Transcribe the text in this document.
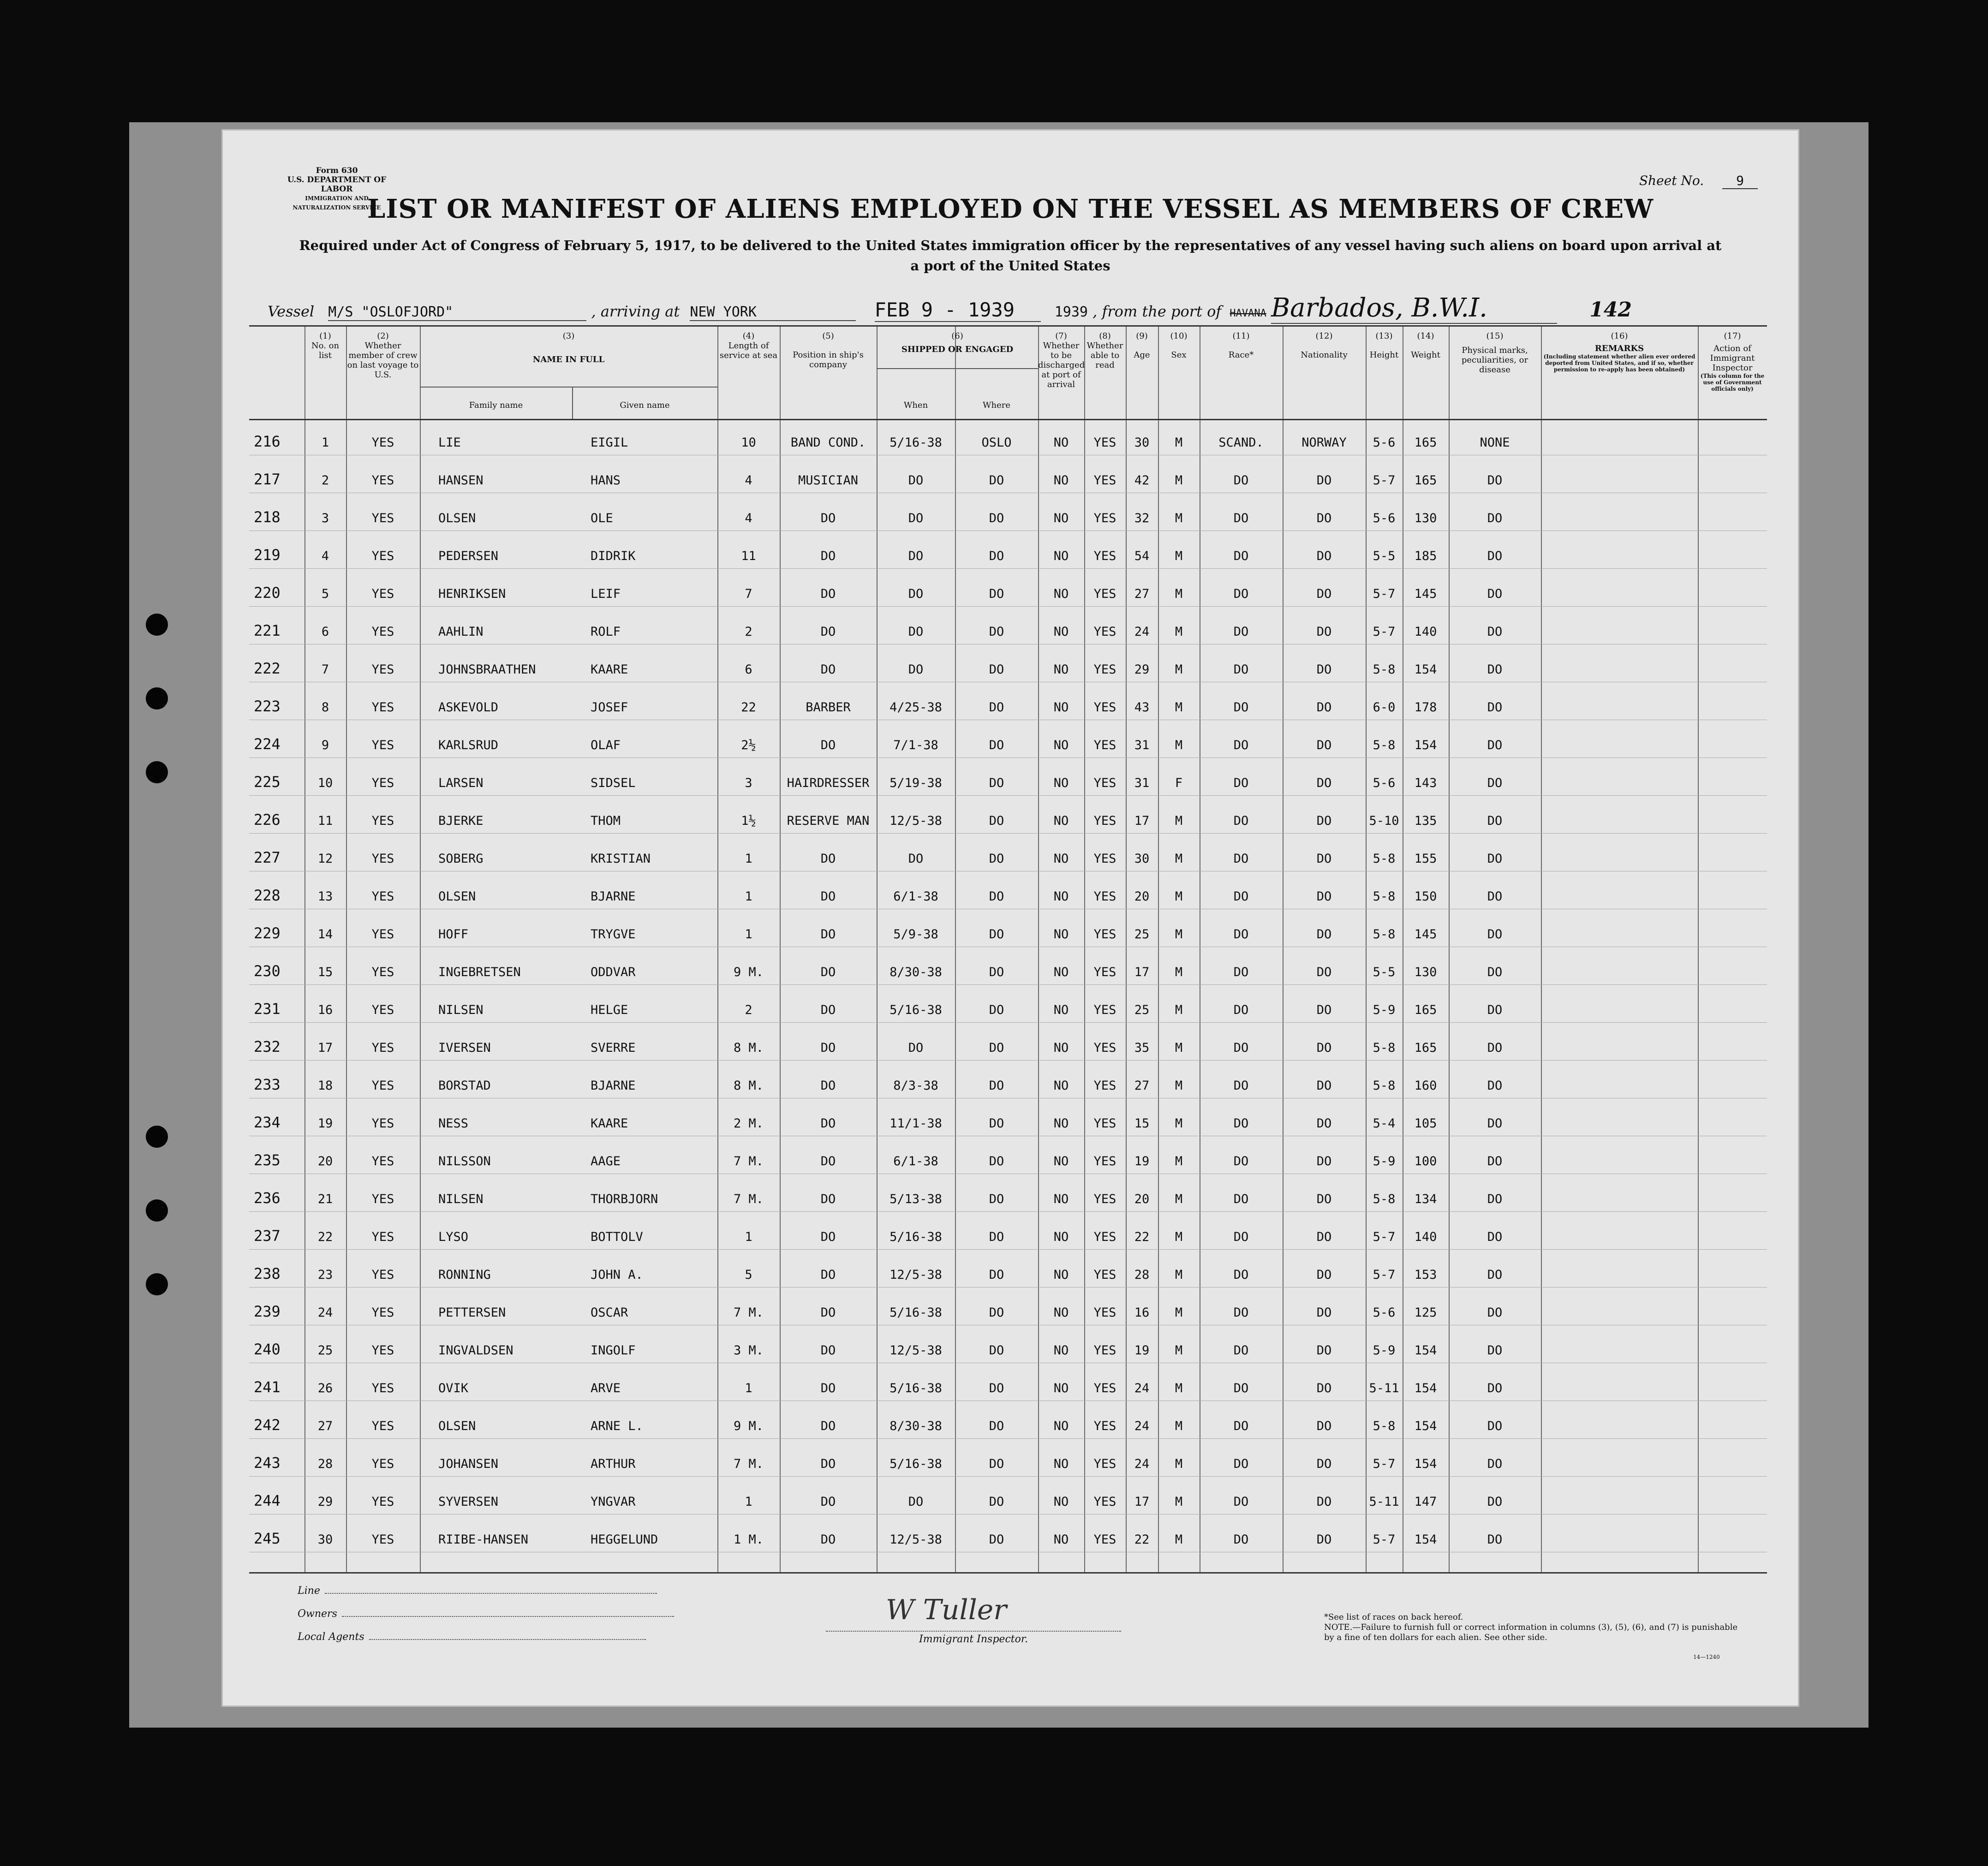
Form 630
U.S. DEPARTMENT OF LABOR
IMMIGRATION AND NATURALIZATION SERVICE
Sheet No.	9
LIST OR MANIFEST OF ALIENS EMPLOYED ON THE VESSEL AS MEMBERS OF CREW
Required under Act of Congress of February 5, 1917, to be delivered to the United States immigration officer by the representatives of any vessel having such aliens on board upon arrival at a port of the United States
Vessel M/S "OSLOFJORD"	, arriving at NEW YORK	FEB 9 - 1939	1939 , from the port of HAVANA Barbados, B.W.I.	142
(1)
No. on list
(2)
Whether member of crew on last voyage to U.S.
(3)
NAME IN FULL
Family name	Given name
(4)
Length of service at sea
(5)
Position in ship's company
(6)
SHIPPED OR ENGAGED
When	Where
(7)
Whether to be discharged at port of arrival
(8)
Whether able to read
(9)
Age
(10)
Sex
(11)
Race*
(12)
Nationality
(13)
Height
(14)
Weight
(15)
Physical marks, peculiarities, or disease
(16)
REMARKS
(Including statement whether alien ever ordered deported from United States, and if so, whether permission to re-apply has been obtained)
(17)
Action of Immigrant Inspector
(This column for the use of Government officials only)
216	1	YES	LIE	EIGIL	10	BAND COND.	5/16-38	OSLO	NO	YES	30	M	SCAND.	NORWAY	5-6	165	NONE
217	2	YES	HANSEN	HANS	4	MUSICIAN	DO	DO	NO	YES	42	M	DO	DO	5-7	165	DO
218	3	YES	OLSEN	OLE	4	DO	DO	DO	NO	YES	32	M	DO	DO	5-6	130	DO
219	4	YES	PEDERSEN	DIDRIK	11	DO	DO	DO	NO	YES	54	M	DO	DO	5-5	185	DO
220	5	YES	HENRIKSEN	LEIF	7	DO	DO	DO	NO	YES	27	M	DO	DO	5-7	145	DO
221	6	YES	AAHLIN	ROLF	2	DO	DO	DO	NO	YES	24	M	DO	DO	5-7	140	DO
222	7	YES	JOHNSBRAATHEN	KAARE	6	DO	DO	DO	NO	YES	29	M	DO	DO	5-8	154	DO
223	8	YES	ASKEVOLD	JOSEF	22	BARBER	4/25-38	DO	NO	YES	43	M	DO	DO	6-0	178	DO
224	9	YES	KARLSRUD	OLAF	2½	DO	7/1-38	DO	NO	YES	31	M	DO	DO	5-8	154	DO
225	10	YES	LARSEN	SIDSEL	3	HAIRDRESSER	5/19-38	DO	NO	YES	31	F	DO	DO	5-6	143	DO
226	11	YES	BJERKE	THOM	1½	RESERVE MAN	12/5-38	DO	NO	YES	17	M	DO	DO	5-10	135	DO
227	12	YES	SOBERG	KRISTIAN	1	DO	DO	DO	NO	YES	30	M	DO	DO	5-8	155	DO
228	13	YES	OLSEN	BJARNE	1	DO	6/1-38	DO	NO	YES	20	M	DO	DO	5-8	150	DO
229	14	YES	HOFF	TRYGVE	1	DO	5/9-38	DO	NO	YES	25	M	DO	DO	5-8	145	DO
230	15	YES	INGEBRETSEN	ODDVAR	9 M.	DO	8/30-38	DO	NO	YES	17	M	DO	DO	5-5	130	DO
231	16	YES	NILSEN	HELGE	2	DO	5/16-38	DO	NO	YES	25	M	DO	DO	5-9	165	DO
232	17	YES	IVERSEN	SVERRE	8 M.	DO	DO	DO	NO	YES	35	M	DO	DO	5-8	165	DO
233	18	YES	BORSTAD	BJARNE	8 M.	DO	8/3-38	DO	NO	YES	27	M	DO	DO	5-8	160	DO
234	19	YES	NESS	KAARE	2 M.	DO	11/1-38	DO	NO	YES	15	M	DO	DO	5-4	105	DO
235	20	YES	NILSSON	AAGE	7 M.	DO	6/1-38	DO	NO	YES	19	M	DO	DO	5-9	100	DO
236	21	YES	NILSEN	THORBJORN	7 M.	DO	5/13-38	DO	NO	YES	20	M	DO	DO	5-8	134	DO
237	22	YES	LYSO	BOTTOLV	1	DO	5/16-38	DO	NO	YES	22	M	DO	DO	5-7	140	DO
238	23	YES	RONNING	JOHN A.	5	DO	12/5-38	DO	NO	YES	28	M	DO	DO	5-7	153	DO
239	24	YES	PETTERSEN	OSCAR	7 M.	DO	5/16-38	DO	NO	YES	16	M	DO	DO	5-6	125	DO
240	25	YES	INGVALDSEN	INGOLF	3 M.	DO	12/5-38	DO	NO	YES	19	M	DO	DO	5-9	154	DO
241	26	YES	OVIK	ARVE	1	DO	5/16-38	DO	NO	YES	24	M	DO	DO	5-11	154	DO
242	27	YES	OLSEN	ARNE L.	9 M.	DO	8/30-38	DO	NO	YES	24	M	DO	DO	5-8	154	DO
243	28	YES	JOHANSEN	ARTHUR	7 M.	DO	5/16-38	DO	NO	YES	24	M	DO	DO	5-7	154	DO
244	29	YES	SYVERSEN	YNGVAR	1	DO	DO	DO	NO	YES	17	M	DO	DO	5-11	147	DO
245	30	YES	RIIBE-HANSEN	HEGGELUND	1 M.	DO	12/5-38	DO	NO	YES	22	M	DO	DO	5-7	154	DO
Line
Owners
Local Agents
W Tuller
Immigrant Inspector.
*See list of races on back hereof.
NOTE.—Failure to furnish full or correct information in columns (3), (5), (6), and (7) is punishable by a fine of ten dollars for each alien. See other side.
14—1240
